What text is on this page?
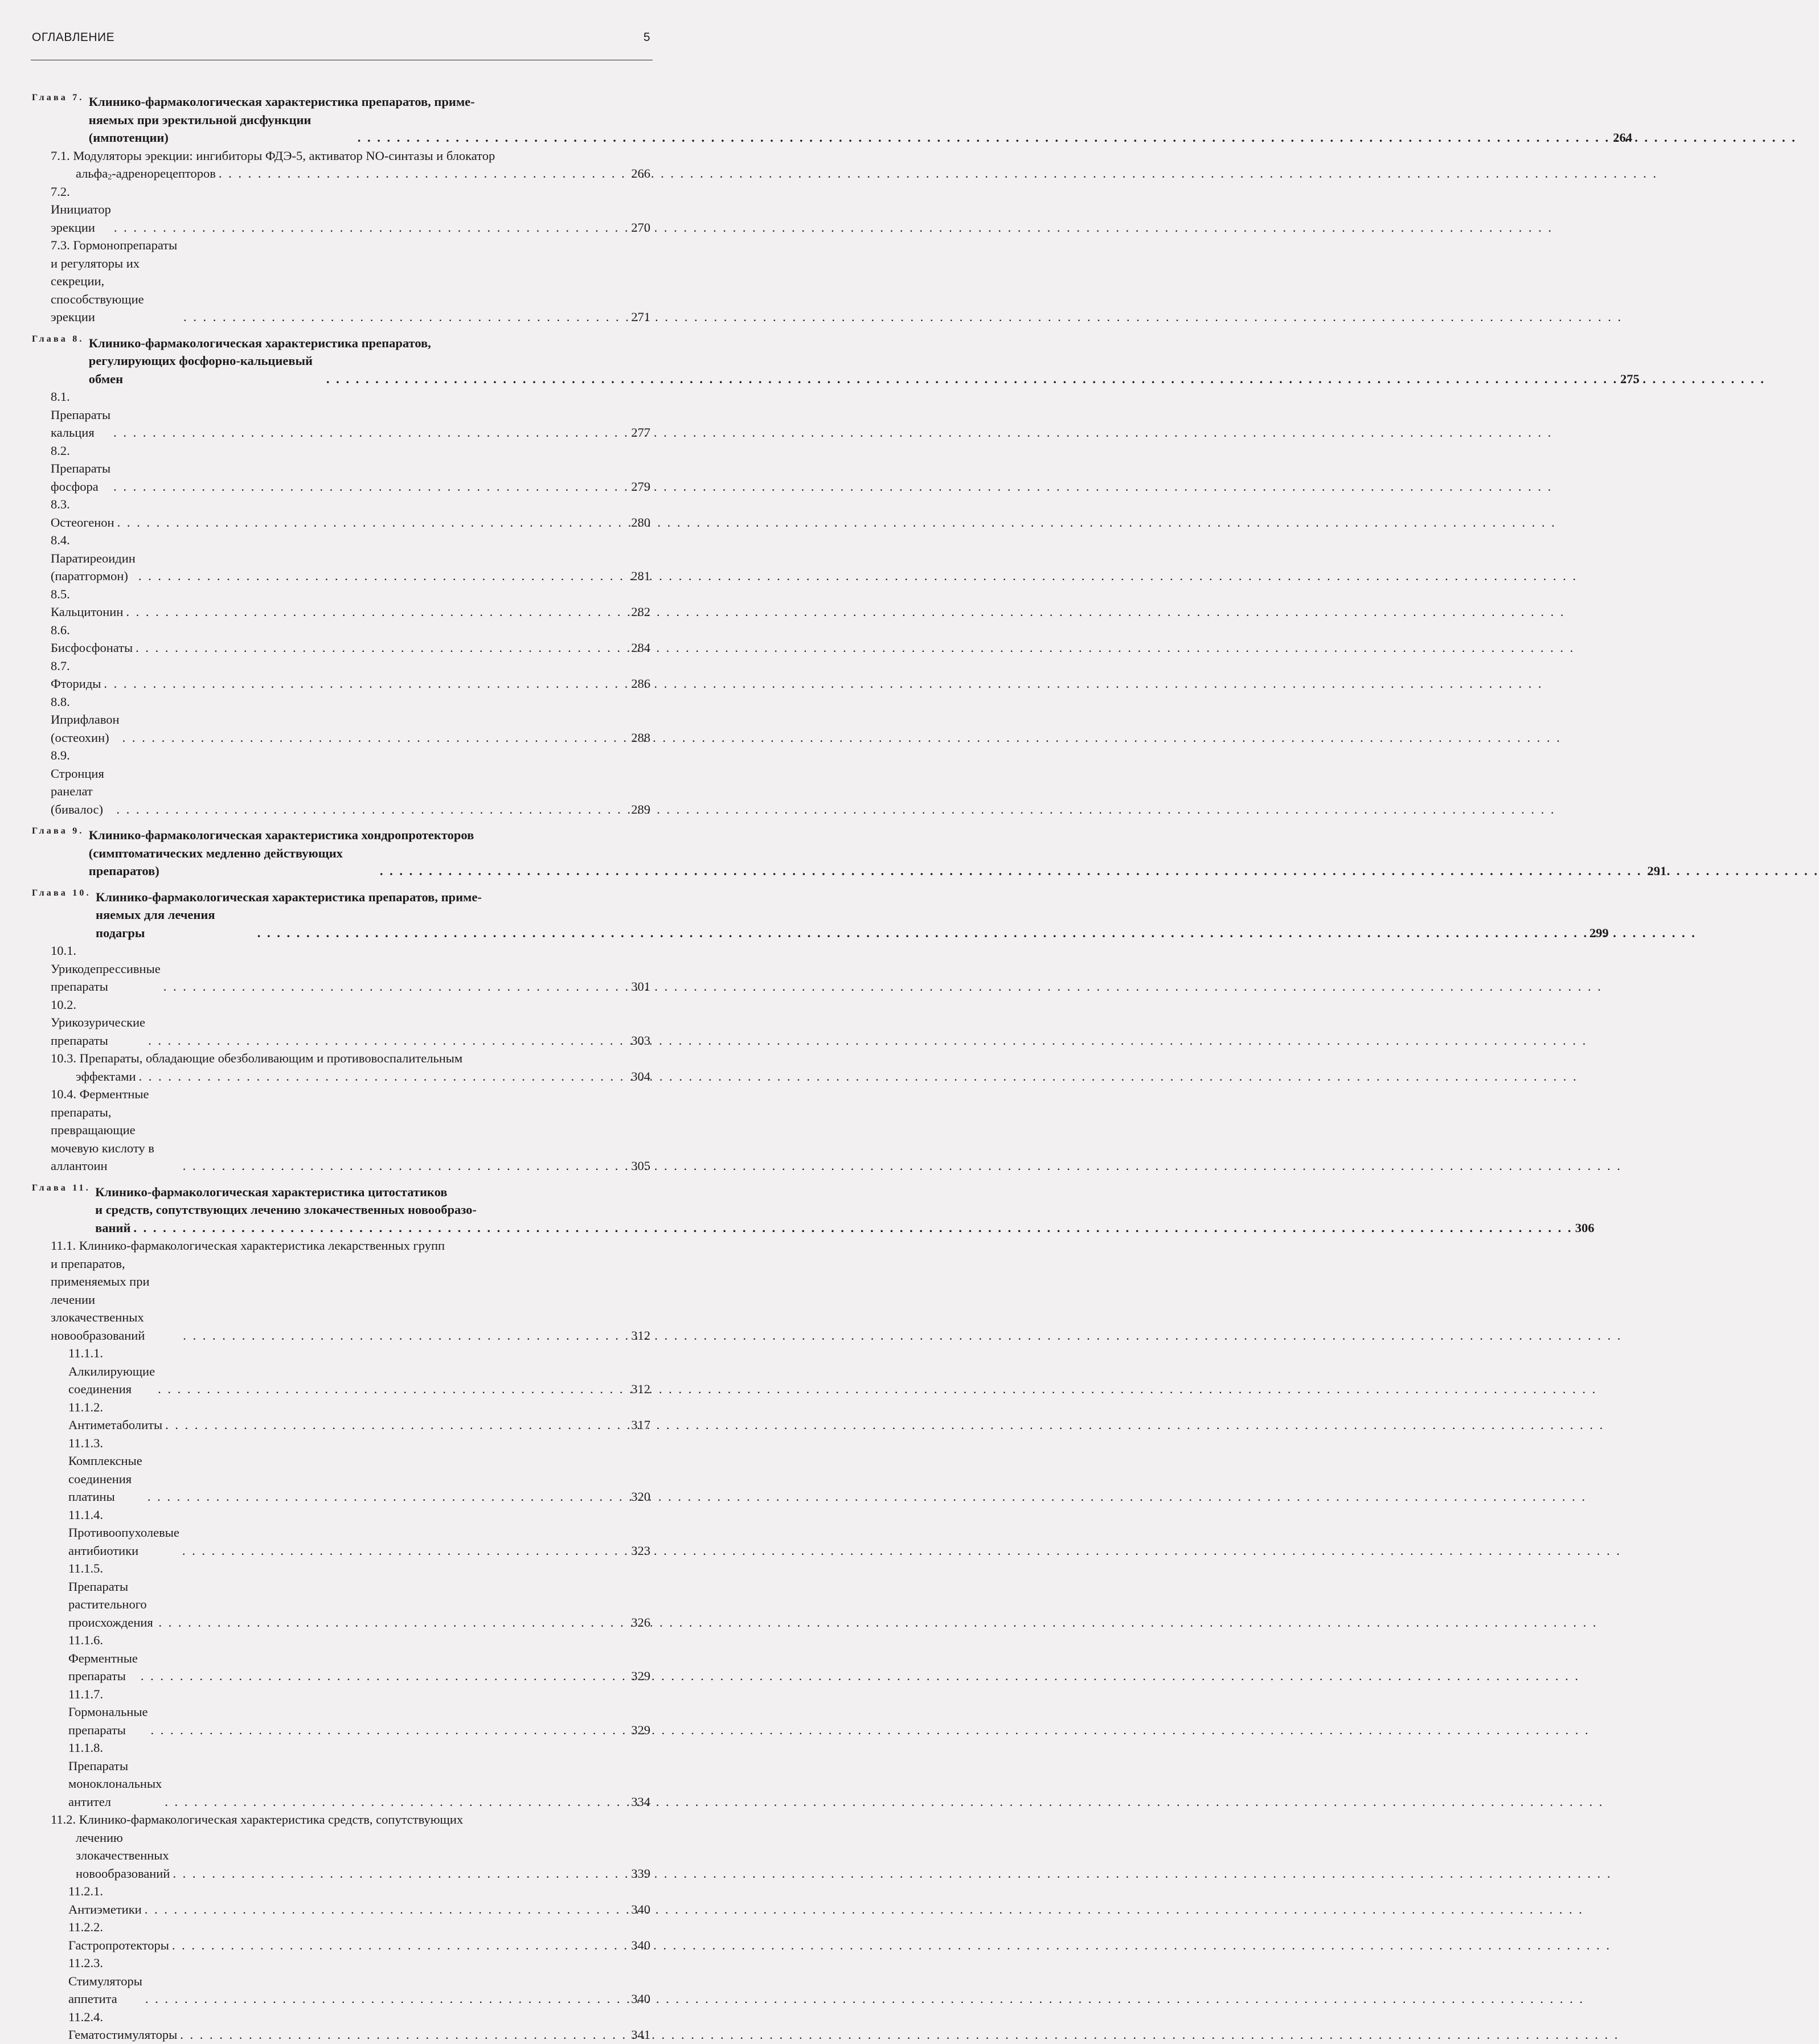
ОГЛАВЛЕНИЕ	5
Глава 7. Клинико-фармакологическая характеристика препаратов, приме-
няемых при эректильной дисфункции (импотенции) . . .	264
7.1. Модуляторы эрекции: ингибиторы ФДЭ-5, активатор NO-синтазы и блокатор
альфа$_2$-адренорецепторов . . .	266
7.2. Инициатор эрекции . . .	270
7.3. Гормонопрепараты и регуляторы их секреции, способствующие эрекции . . .	271
Глава 8. Клинико-фармакологическая характеристика препаратов,
регулирующих фосфорно-кальциевый обмен . . .	275
8.1. Препараты кальция . . .	277
8.2. Препараты фосфора . . .	279
8.3. Остеогенон . . .	280
8.4. Паратиреоидин (паратгормон) . . .	281
8.5. Кальцитонин . . .	282
8.6. Бисфосфонаты . . .	284
8.7. Фториды . . .	286
8.8. Иприфлавон (остеохин) . . .	288
8.9. Стронция ранелат (бивалос) . . .	289
Глава 9. Клинико-фармакологическая характеристика хондропротекторов
(симптоматических медленно действующих препаратов) . . .	291
Глава 10. Клинико-фармакологическая характеристика препаратов, приме-
няемых для лечения подагры . . .	299
10.1. Урикодепрессивные препараты . . .	301
10.2. Урикозурические препараты . . .	303
10.3. Препараты, обладающие обезболивающим и противовоспалительным
эффектами . . .	304
10.4. Ферментные препараты, превращающие мочевую кислоту в аллантоин . . .	305
Глава 11. Клинико-фармакологическая характеристика цитостатиков
и средств, сопутствующих лечению злокачественных новообразо-
ваний . . .	306
11.1. Клинико-фармакологическая характеристика лекарственных групп
и препаратов, применяемых при лечении злокачественных новообразований . . .	312
11.1.1. Алкилирующие соединения . . .	312
11.1.2. Антиметаболиты . . .	317
11.1.3. Комплексные соединения платины . . .	320
11.1.4. Противоопухолевые антибиотики . . .	323
11.1.5. Препараты растительного происхождения . . .	326
11.1.6. Ферментные препараты . . .	329
11.1.7. Гормональные препараты . . .	329
11.1.8. Препараты моноклональных антител . . .	334
11.2. Клинико-фармакологическая характеристика средств, сопутствующих
лечению злокачественных новообразований . . .	339
11.2.1. Антиэметики . . .	340
11.2.2. Гастропротекторы . . .	340
11.2.3. Стимуляторы аппетита . . .	340
11.2.4. Гематостимуляторы . . .	341
